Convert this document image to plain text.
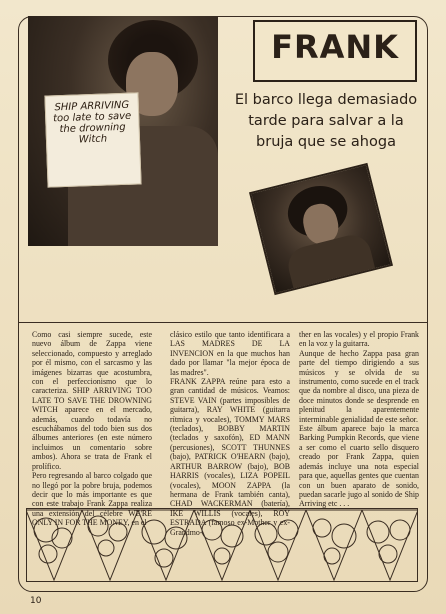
SHIP ARRIVING
too late to save
the drowning
Witch
FRANK
El barco llega demasiado tarde para salvar a la bruja que se ahoga
Como casi siempre sucede, este nuevo álbum de Zappa viene seleccionado, compuesto y arreglado por él mismo, con el sarcasmo y las imágenes bizarras que acostumbra, con el perfeccionismo que lo caracteriza. SHIP ARRIVING TOO LATE TO SAVE THE DROWNING WITCH aparece en el mercado, además, cuando todavía no escuchábamos del todo bien sus dos álbumes anteriores (en este número incluimos un comentario sobre ambos). Ahora se trata de Frank el prolífico.
Pero regresando al barco colgado que no llegó por la pobre bruja, podemos decir que lo más importante es que con este trabajo Frank Zappa realiza una extensión del célebre WE'RE ONLY IN FOR THE MONEY, en el
clásico estilo que tanto identificara a LAS MADRES DE LA INVENCION en la que muchos han dado por llamar "la mejor época de las madres".
FRANK ZAPPA reúne para esto a gran cantidad de músicos. Veamos: STEVE VAIN (partes imposibles de guitarra), RAY WHITE (guitarra rítmica y vocales), TOMMY MARS (teclados), BOBBY MARTIN (teclados y saxofón), ED MANN (percusiones), SCOTT THUNNES (bajo), PATRICK O'HEARN (bajo), ARTHUR BARROW (bajo), BOB HARRIS (vocales), LIZA POPEIL (vocales), MOON ZAPPA (la hermana de Frank también canta), CHAD WACKERMAN (batería), IKE WILLIS (vocales), ROY ESTRADA (famoso ex-Mother y ex-Grandmo-
ther en las vocales) y el propio Frank en la voz y la guitarra.
Aunque de hecho Zappa pasa gran parte del tiempo dirigiendo a sus músicos y se olvida de su instrumento, como sucede en el track que da nombre al disco, una pieza de doce minutos donde se desprende en plenitud la aparentemente interminable genialidad de este señor.
Este álbum aparece bajo la marca Barking Pumpkin Records, que viene a ser como el cuarto sello disquero creado por Frank Zappa, quien además incluye una nota especial para que, aquellas gentes que cuentan con un buen aparato de sonido, puedan sacarle jugo al sonido de Ship Arriving etc . . .
10
